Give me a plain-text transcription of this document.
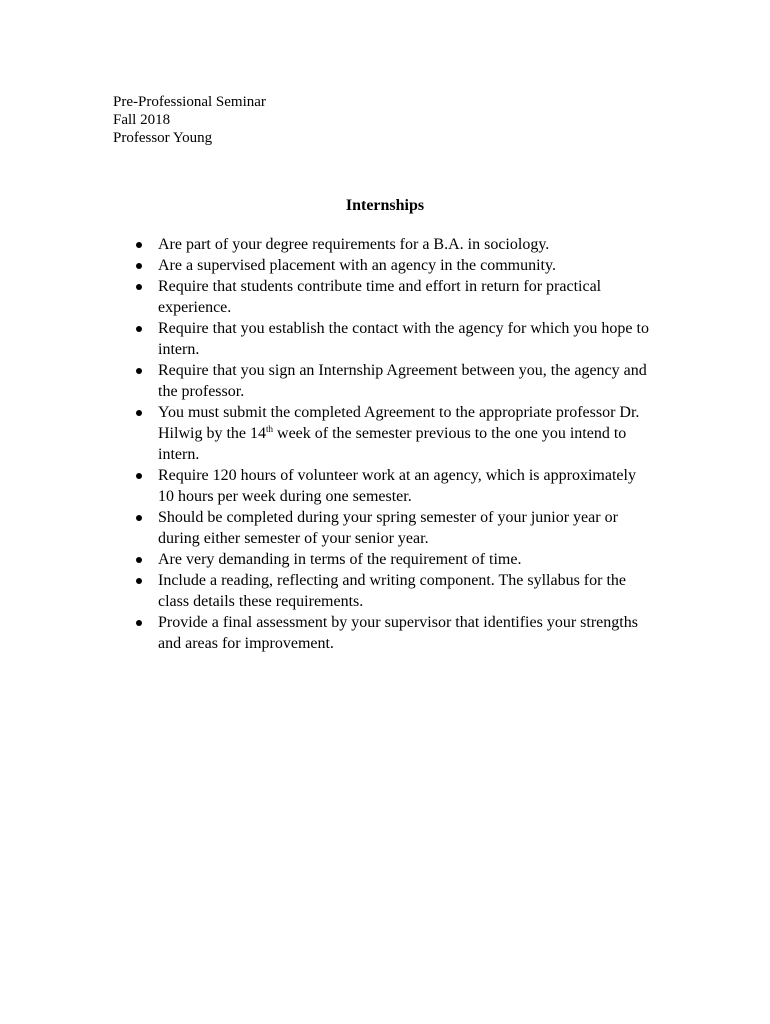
Pre-Professional Seminar
Fall 2018
Professor Young
Internships
Are part of your degree requirements for a B.A. in sociology.
Are a supervised placement with an agency in the community.
Require that students contribute time and effort in return for practical experience.
Require that you establish the contact with the agency for which you hope to intern.
Require that you sign an Internship Agreement between you, the agency and the professor.
You must submit the completed Agreement to the appropriate professor Dr. Hilwig by the 14th week of the semester previous to the one you intend to intern.
Require 120 hours of volunteer work at an agency, which is approximately 10 hours per week during one semester.
Should be completed during your spring semester of your junior year or during either semester of your senior year.
Are very demanding in terms of the requirement of time.
Include a reading, reflecting and writing component. The syllabus for the class details these requirements.
Provide a final assessment by your supervisor that identifies your strengths and areas for improvement.
